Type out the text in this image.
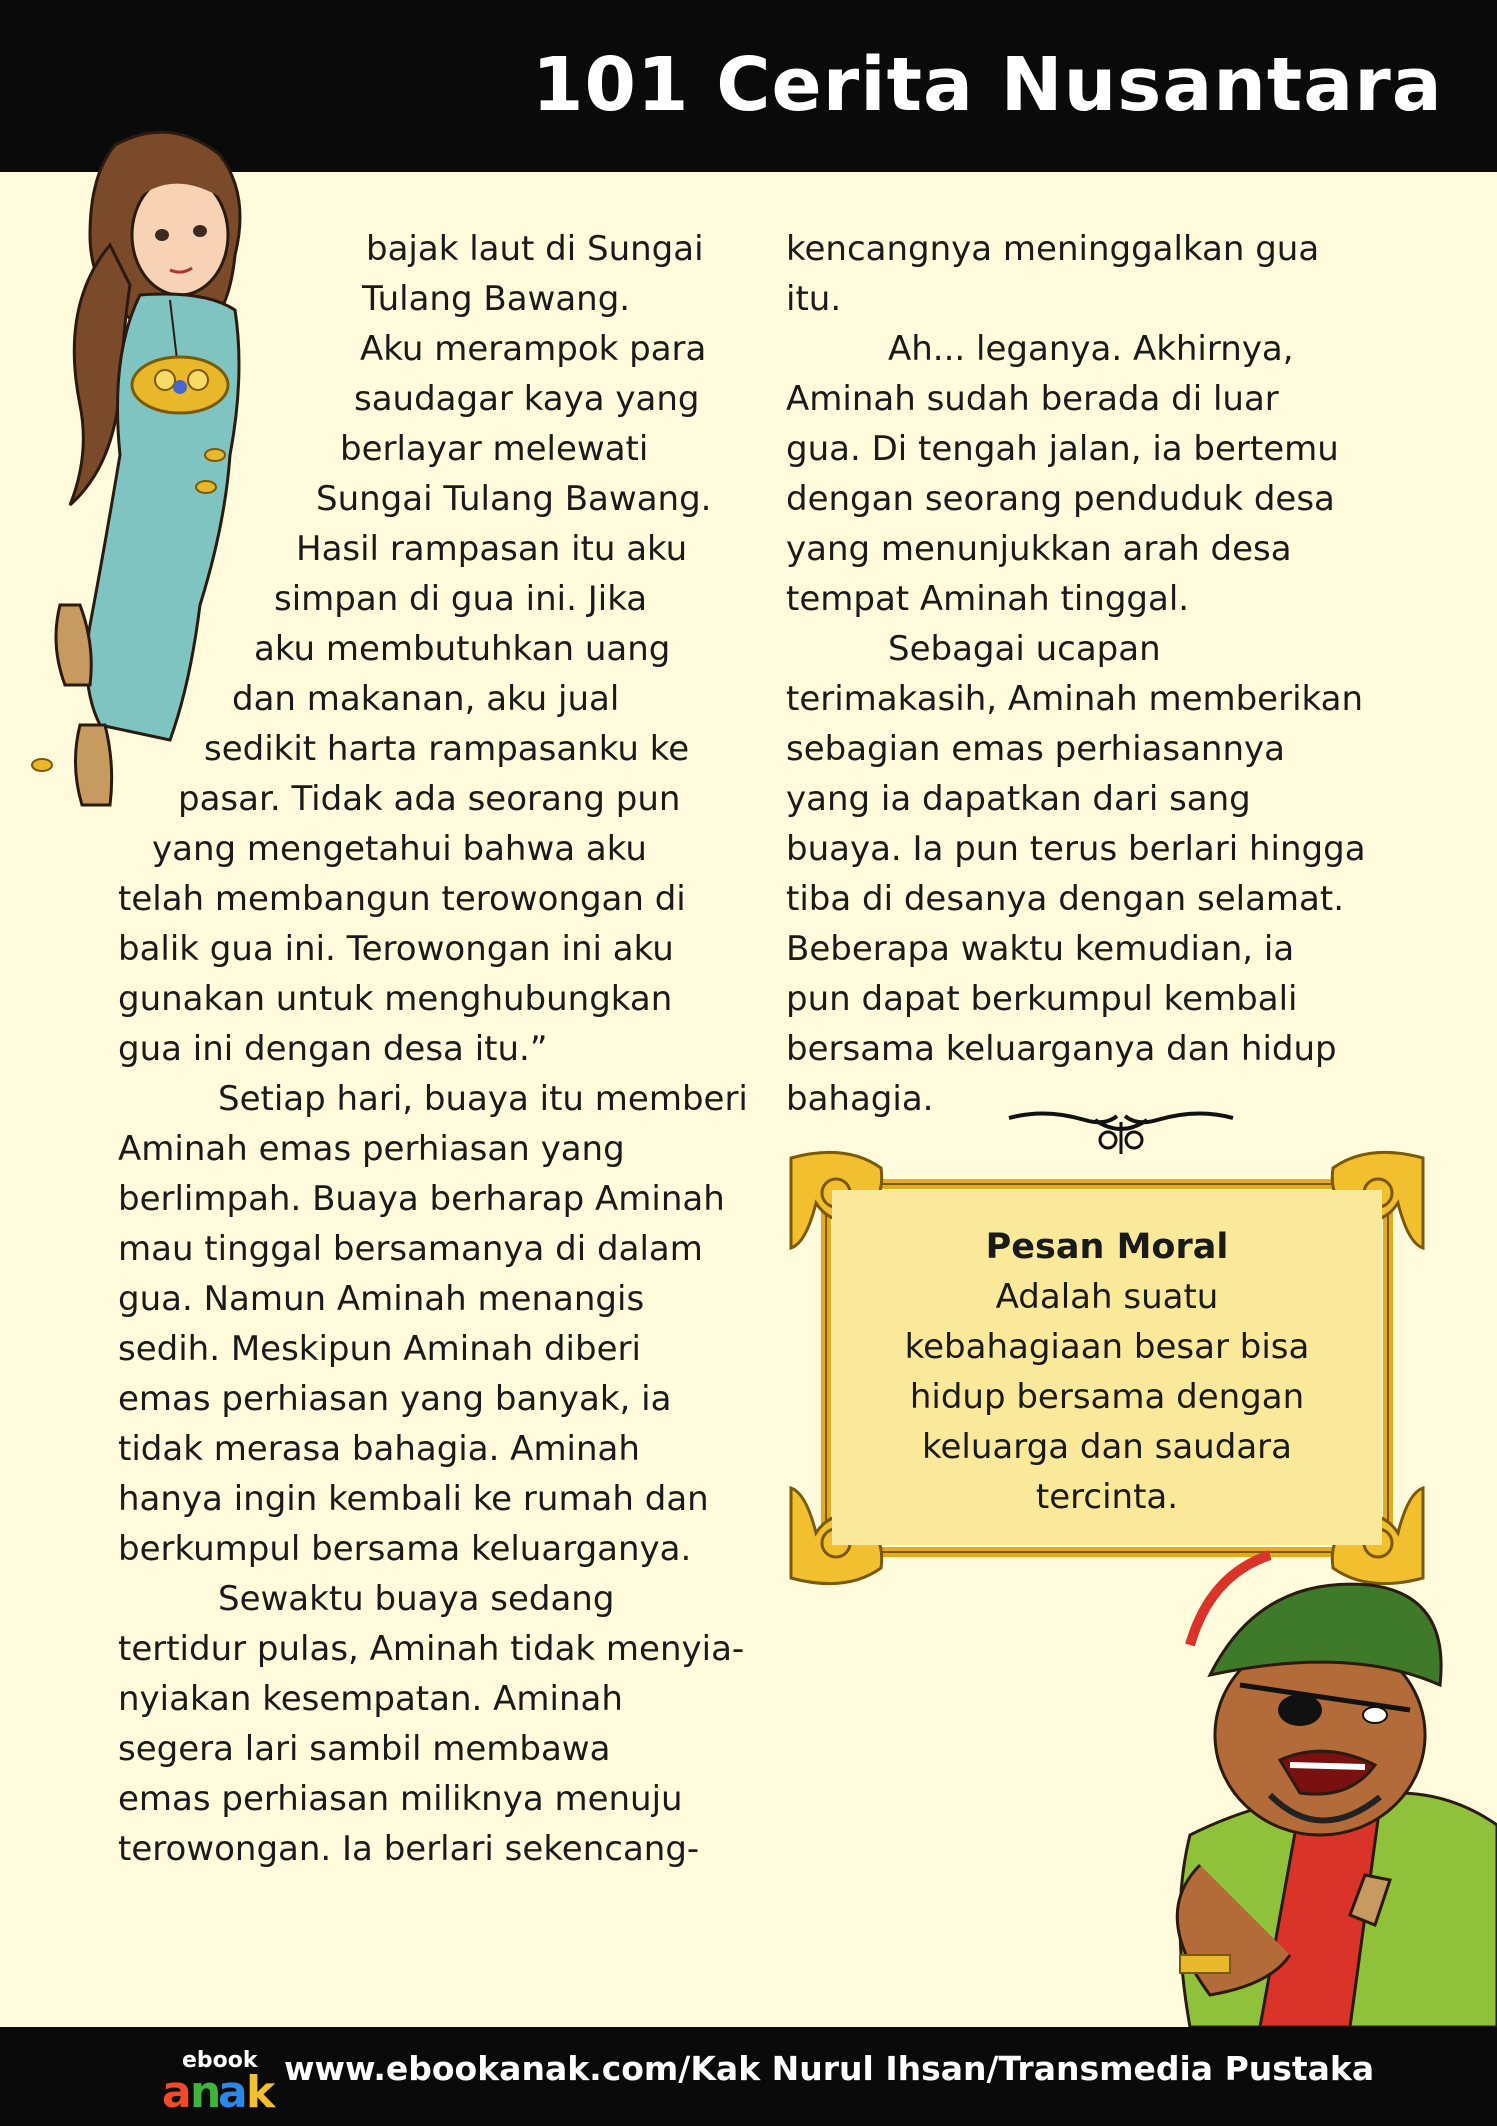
101 Cerita Nusantara
bajak laut di Sungai
Tulang Bawang.
Aku merampok para
saudagar kaya yang
berlayar melewati
Sungai Tulang Bawang.
Hasil rampasan itu aku
simpan di gua ini. Jika
aku membutuhkan uang
dan makanan, aku jual
sedikit harta rampasanku ke
pasar. Tidak ada seorang pun
yang mengetahui bahwa aku
telah membangun terowongan di
balik gua ini. Terowongan ini aku
gunakan untuk menghubungkan
gua ini dengan desa itu.”
Setiap hari, buaya itu memberi
Aminah emas perhiasan yang
berlimpah. Buaya berharap Aminah
mau tinggal bersamanya di dalam
gua. Namun Aminah menangis
sedih. Meskipun Aminah diberi
emas perhiasan yang banyak, ia
tidak merasa bahagia. Aminah
hanya ingin kembali ke rumah dan
berkumpul bersama keluarganya.
Sewaktu buaya sedang
tertidur pulas, Aminah tidak menyia-
nyiakan kesempatan. Aminah
segera lari sambil membawa
emas perhiasan miliknya menuju
terowongan. Ia berlari sekencang-
kencangnya meninggalkan gua
itu.
Ah... leganya. Akhirnya,
Aminah sudah berada di luar
gua. Di tengah jalan, ia bertemu
dengan seorang penduduk desa
yang menunjukkan arah desa
tempat Aminah tinggal.
Sebagai ucapan
terimakasih, Aminah memberikan
sebagian emas perhiasannya
yang ia dapatkan dari sang
buaya. Ia pun terus berlari hingga
tiba di desanya dengan selamat.
Beberapa waktu kemudian, ia
pun dapat berkumpul kembali
bersama keluarganya dan hidup
bahagia.
Pesan Moral
Adalah suatu
kebahagiaan besar bisa
hidup bersama dengan
keluarga dan saudara
tercinta.
ebook
a
n
a
k www.ebookanak.com/Kak Nurul Ihsan/Transmedia Pustaka
